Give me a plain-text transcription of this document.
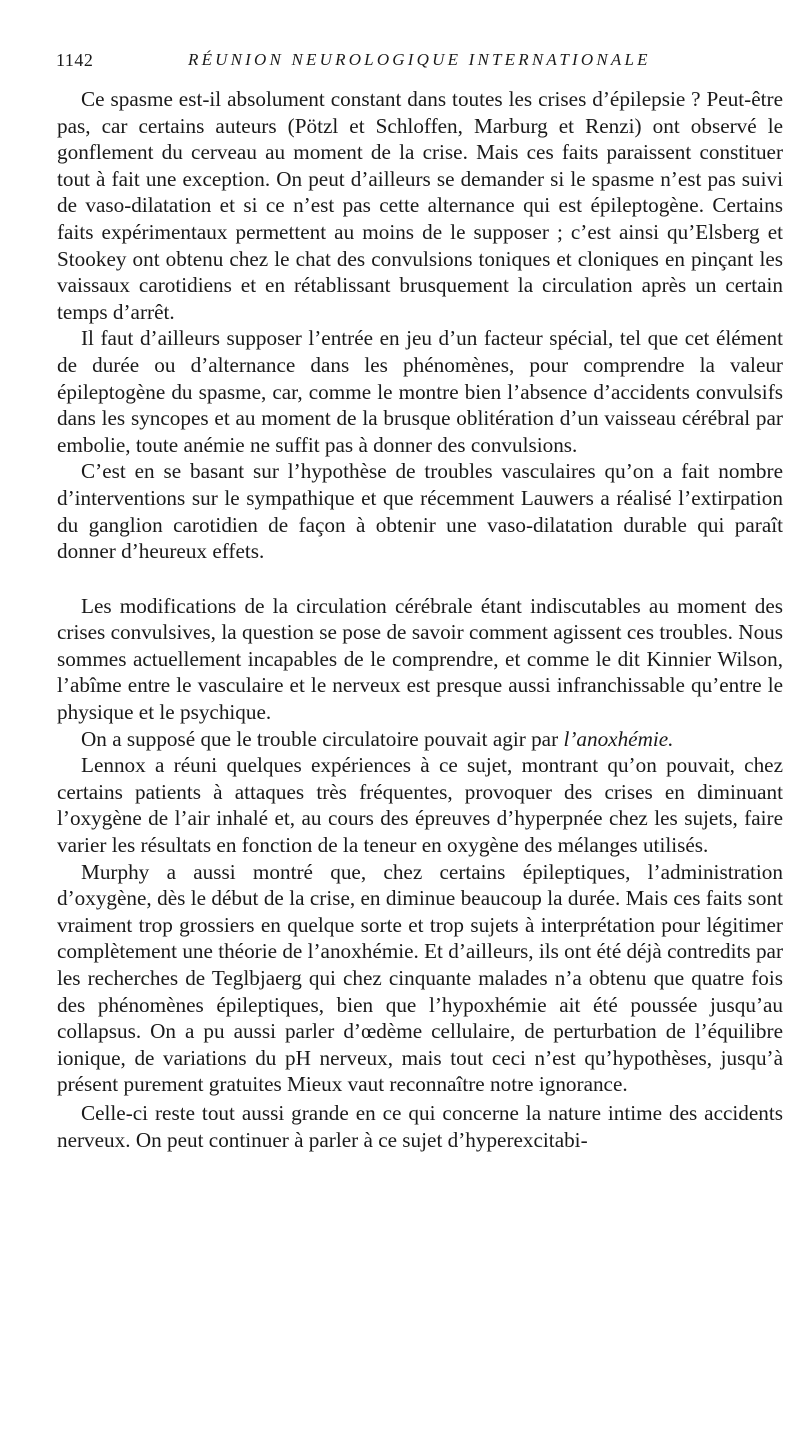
1142	RÉUNION NEUROLOGIQUE INTERNATIONALE

Ce spasme est-il absolument constant dans toutes les crises d’épilepsie ? Peut-être pas, car certains auteurs (Pötzl et Schloffen, Marburg et Renzi) ont observé le gonflement du cerveau au moment de la crise. Mais ces faits paraissent constituer tout à fait une exception. On peut d’ailleurs se demander si le spasme n’est pas suivi de vaso-dilatation et si ce n’est pas cette alternance qui est épileptogène. Certains faits expérimentaux permettent au moins de le supposer ; c’est ainsi qu’Elsberg et Stookey ont obtenu chez le chat des convulsions toniques et cloniques en pinçant les vaissaux carotidiens et en rétablissant brusquement la circulation après un certain temps d’arrêt.

Il faut d’ailleurs supposer l’entrée en jeu d’un facteur spécial, tel que cet élément de durée ou d’alternance dans les phénomènes, pour comprendre la valeur épileptogène du spasme, car, comme le montre bien l’absence d’accidents convulsifs dans les syncopes et au moment de la brusque oblitération d’un vaisseau cérébral par embolie, toute anémie ne suffit pas à donner des convulsions.

C’est en se basant sur l’hypothèse de troubles vasculaires qu’on a fait nombre d’interventions sur le sympathique et que récemment Lauwers a réalisé l’extirpation du ganglion carotidien de façon à obtenir une vaso-dilatation durable qui paraît donner d’heureux effets.

Les modifications de la circulation cérébrale étant indiscutables au moment des crises convulsives, la question se pose de savoir comment agissent ces troubles. Nous sommes actuellement incapables de le comprendre, et comme le dit Kinnier Wilson, l’abîme entre le vasculaire et le nerveux est presque aussi infranchissable qu’entre le physique et le psychique.

On a supposé que le trouble circulatoire pouvait agir par l’anoxhémie.

Lennox a réuni quelques expériences à ce sujet, montrant qu’on pouvait, chez certains patients à attaques très fréquentes, provoquer des crises en diminuant l’oxygène de l’air inhalé et, au cours des épreuves d’hyperpnée chez les sujets, faire varier les résultats en fonction de la teneur en oxygène des mélanges utilisés.

Murphy a aussi montré que, chez certains épileptiques, l’administration d’oxygène, dès le début de la crise, en diminue beaucoup la durée. Mais ces faits sont vraiment trop grossiers en quelque sorte et trop sujets à interprétation pour légitimer complètement une théorie de l’anoxhémie. Et d’ailleurs, ils ont été déjà contredits par les recherches de Teglbjaerg qui chez cinquante malades n’a obtenu que quatre fois des phénomènes épileptiques, bien que l’hypoxhémie ait été poussée jusqu’au collapsus. On a pu aussi parler d’œdème cellulaire, de perturbation de l’équilibre ionique, de variations du pH nerveux, mais tout ceci n’est qu’hypothèses, jusqu’à présent purement gratuites Mieux vaut reconnaître notre ignorance.

Celle-ci reste tout aussi grande en ce qui concerne la nature intime des accidents nerveux. On peut continuer à parler à ce sujet d’hyperexcitabi-
